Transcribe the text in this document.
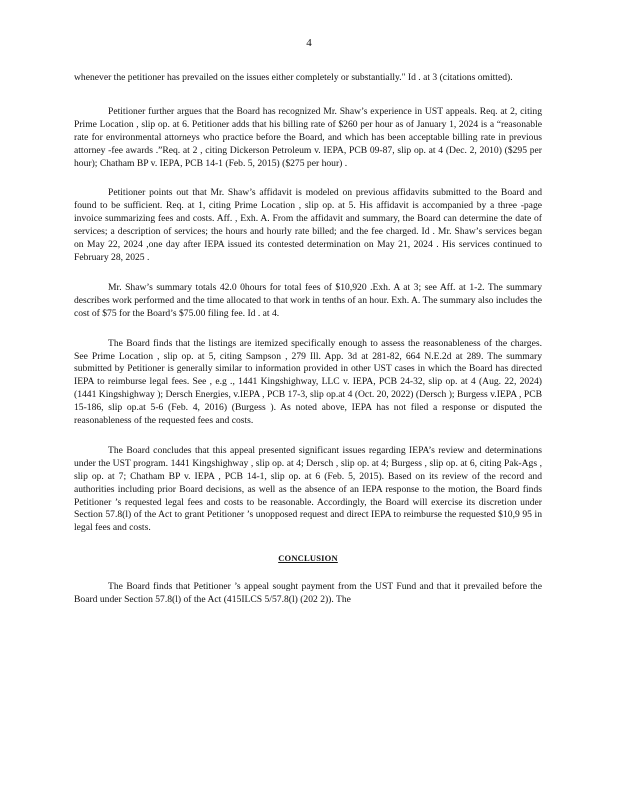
4

whenever the petitioner has prevailed on the issues either completely or substantially." Id . at 3 (citations omitted).

Petitioner further argues that the Board has recognized Mr. Shaw’s experience in UST appeals. Req. at 2, citing Prime Location , slip op. at 6. Petitioner adds that his billing rate of $260 per hour as of January 1, 2024 is a “reasonable rate for environmental attorneys who practice before the Board, and which has been acceptable billing rate in previous attorney -fee awards .”Req. at 2 , citing Dickerson Petroleum v. IEPA, PCB 09-87, slip op. at 4 (Dec. 2, 2010) ($295 per hour); Chatham BP v. IEPA, PCB 14-1 (Feb. 5, 2015) ($275 per hour) .

Petitioner points out that Mr. Shaw’s affidavit is modeled on previous affidavits submitted to the Board and found to be sufficient. Req. at 1, citing Prime Location , slip op. at 5. His affidavit is accompanied by a three -page invoice summarizing fees and costs. Aff. , Exh. A. From the affidavit and summary, the Board can determine the date of services; a description of services; the hours and hourly rate billed; and the fee charged. Id . Mr. Shaw’s services began on May 22, 2024 ,one day after IEPA issued its contested determination on May 21, 2024 . His services continued to February 28, 2025 .

Mr. Shaw’s summary totals 42.0 0hours for total fees of $10,920 .Exh. A at 3; see Aff. at 1-2. The summary describes work performed and the time allocated to that work in tenths of an hour. Exh. A. The summary also includes the cost of $75 for the Board’s $75.00 filing fee. Id . at 4.

The Board finds that the listings are itemized specifically enough to assess the reasonableness of the charges. See Prime Location , slip op. at 5, citing Sampson , 279 Ill. App. 3d at 281-82, 664 N.E.2d at 289. The summary submitted by Petitioner is generally similar to information provided in other UST cases in which the Board has directed IEPA to reimburse legal fees. See , e.g ., 1441 Kingshighway, LLC v. IEPA, PCB 24-32, slip op. at 4 (Aug. 22, 2024) (1441 Kingshighway ); Dersch Energies, v.IEPA , PCB 17-3, slip op.at 4 (Oct. 20, 2022) (Dersch ); Burgess v.IEPA , PCB 15-186, slip op.at 5-6 (Feb. 4, 2016) (Burgess ). As noted above, IEPA has not filed a response or disputed the reasonableness of the requested fees and costs.

The Board concludes that this appeal presented significant issues regarding IEPA’s review and determinations under the UST program. 1441 Kingshighway , slip op. at 4; Dersch , slip op. at 4; Burgess , slip op. at 6, citing Pak-Ags , slip op. at 7; Chatham BP v. IEPA , PCB 14-1, slip op. at 6 (Feb. 5, 2015). Based on its review of the record and authorities including prior Board decisions, as well as the absence of an IEPA response to the motion, the Board finds Petitioner ’s requested legal fees and costs to be reasonable. Accordingly, the Board will exercise its discretion under Section 57.8(l) of the Act to grant Petitioner ’s unopposed request and direct IEPA to reimburse the requested $10,9 95 in legal fees and costs.

CONCLUSION

The Board finds that Petitioner ’s appeal sought payment from the UST Fund and that it prevailed before the Board under Section 57.8(l) of the Act (415ILCS 5/57.8(l) (202 2)). The
